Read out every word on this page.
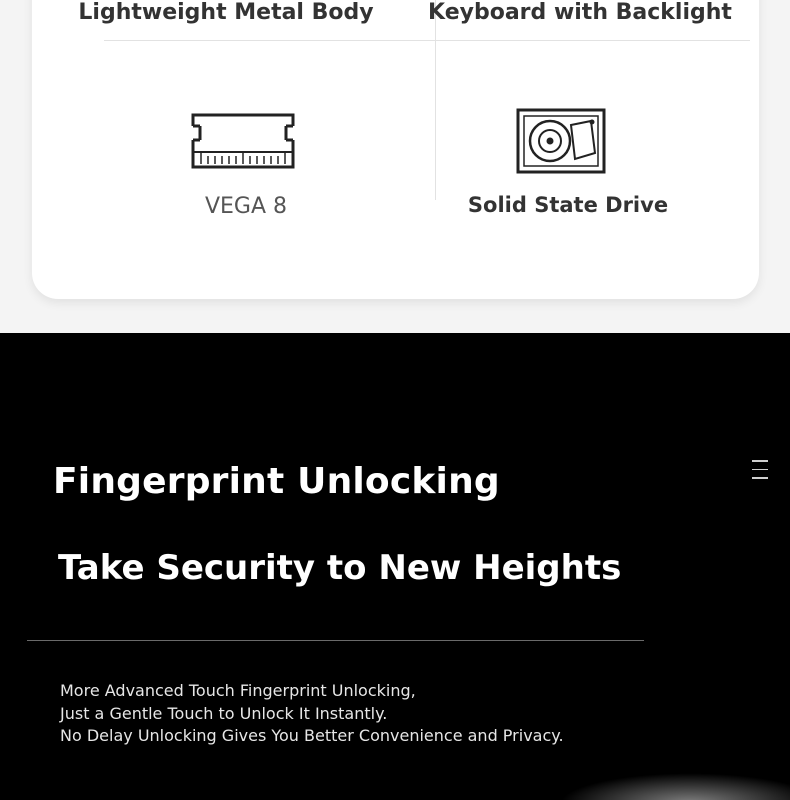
Lightweight Metal Body Keyboard with Backlight
VEGA 8	Solid State Drive
Fingerprint Unlocking
Take Security to New Heights
More Advanced Touch Fingerprint Unlocking,
Just a Gentle Touch to Unlock It Instantly.
No Delay Unlocking Gives You Better Convenience and Privacy.
